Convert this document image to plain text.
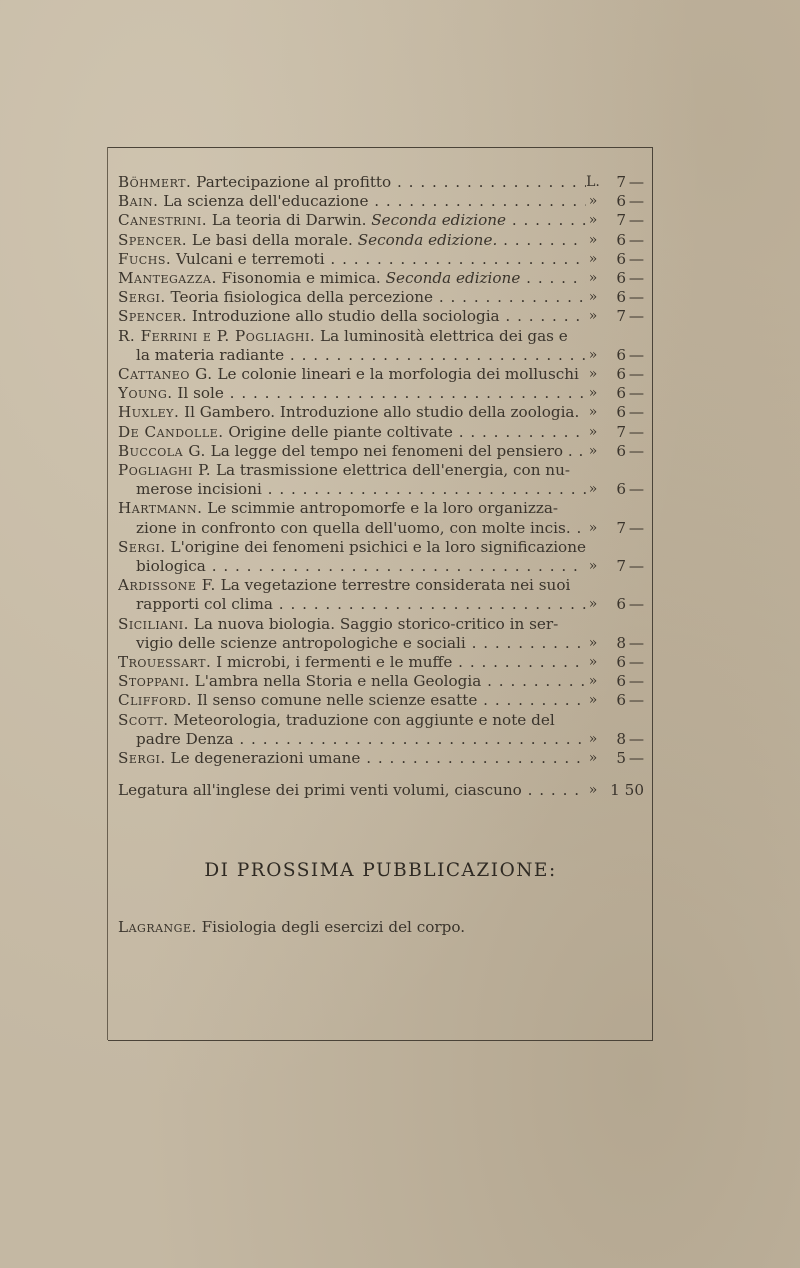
Böhmert. Partecipazione al profitto . . .	L.	7 —
Bain. La scienza dell'educazione . . .	»	6 —
Canestrini. La teoria di Darwin. Seconda edizione . . .	»	7 —
Spencer. Le basi della morale. Seconda edizione. . . .	»	6 —
Fuchs. Vulcani e terremoti . . .	»	6 —
Mantegazza. Fisonomia e mimica. Seconda edizione . . .	»	6 —
Sergi. Teoria fisiologica della percezione . . .	»	6 —
Spencer. Introduzione allo studio della sociologia . . .	»	7 —
R. Ferrini e P. Pogliaghi. La luminosità elettrica dei gas e
la materia radiante . . .	»	6 —
Cattaneo G. Le colonie lineari e la morfologia dei molluschi . . . »	6 —
Young. Il sole . . .	»	6 —
Huxley. Il Gambero. Introduzione allo studio della zoologia. . . . »	6 —
De Candolle. Origine delle piante coltivate . . .	»	7 —
Buccola G. La legge del tempo nei fenomeni del pensiero . . . .	»	6 —
Pogliaghi P. La trasmissione elettrica dell'energia, con nu-
merose incisioni . . .	»	6 —
Hartmann. Le scimmie antropomorfe e la loro organizza-
zione in confronto con quella dell'uomo, con molte incis. . . .	»	7 —
Sergi. L'origine dei fenomeni psichici e la loro significazione
biologica . . .	»	7 —
Ardissone F. La vegetazione terrestre considerata nei suoi
rapporti col clima . . .	»	6 —
Siciliani. La nuova biologia. Saggio storico-critico in ser-
vigio delle scienze antropologiche e sociali . . .	»	8 —
Trouessart. I microbi, i fermenti e le muffe . . .	»	6 —
Stoppani. L'ambra nella Storia e nella Geologia . . .	»	6 —
Clifford. Il senso comune nelle scienze esatte . . .	»	6 —
Scott. Meteorologia, traduzione con aggiunte e note del
padre Denza . . .	»	8 —
Sergi. Le degenerazioni umane . . .	»	5 —
Legatura all'inglese dei primi venti volumi, ciascuno . . .	» 1 50
DI PROSSIMA PUBBLICAZIONE:
Lagrange. Fisiologia degli esercizi del corpo.
